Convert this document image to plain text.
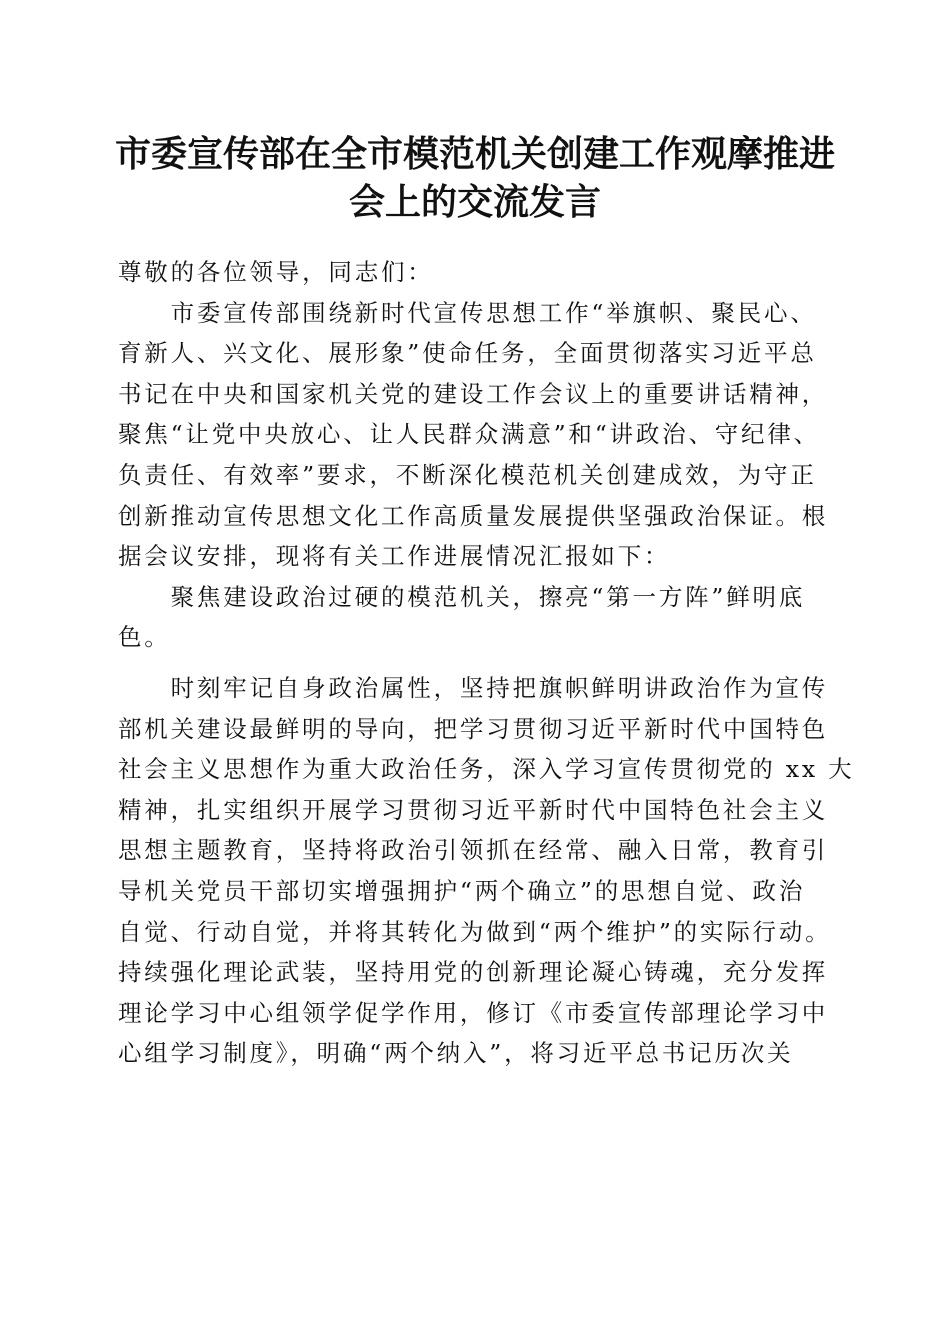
市委宣传部在全市模范机关创建工作观摩推进
会上的交流发言
尊敬的各位领导，同志们：
　　市委宣传部围绕新时代宣传思想工作“举旗帜、聚民心、
育新人、兴文化、展形象”使命任务，全面贯彻落实习近平总
书记在中央和国家机关党的建设工作会议上的重要讲话精神，
聚焦“让党中央放心、让人民群众满意”和“讲政治、守纪律、
负责任、有效率”要求，不断深化模范机关创建成效，为守正
创新推动宣传思想文化工作高质量发展提供坚强政治保证。根
据会议安排，现将有关工作进展情况汇报如下：
　　聚焦建设政治过硬的模范机关，擦亮“第一方阵”鲜明底
色。
　　时刻牢记自身政治属性，坚持把旗帜鲜明讲政治作为宣传
部机关建设最鲜明的导向，把学习贯彻习近平新时代中国特色
社会主义思想作为重大政治任务，深入学习宣传贯彻党的 xx 大
精神，扎实组织开展学习贯彻习近平新时代中国特色社会主义
思想主题教育，坚持将政治引领抓在经常、融入日常，教育引
导机关党员干部切实增强拥护“两个确立”的思想自觉、政治
自觉、行动自觉，并将其转化为做到“两个维护”的实际行动。
持续强化理论武装，坚持用党的创新理论凝心铸魂，充分发挥
理论学习中心组领学促学作用，修订《市委宣传部理论学习中
心组学习制度》，明确“两个纳入”，将习近平总书记历次关
